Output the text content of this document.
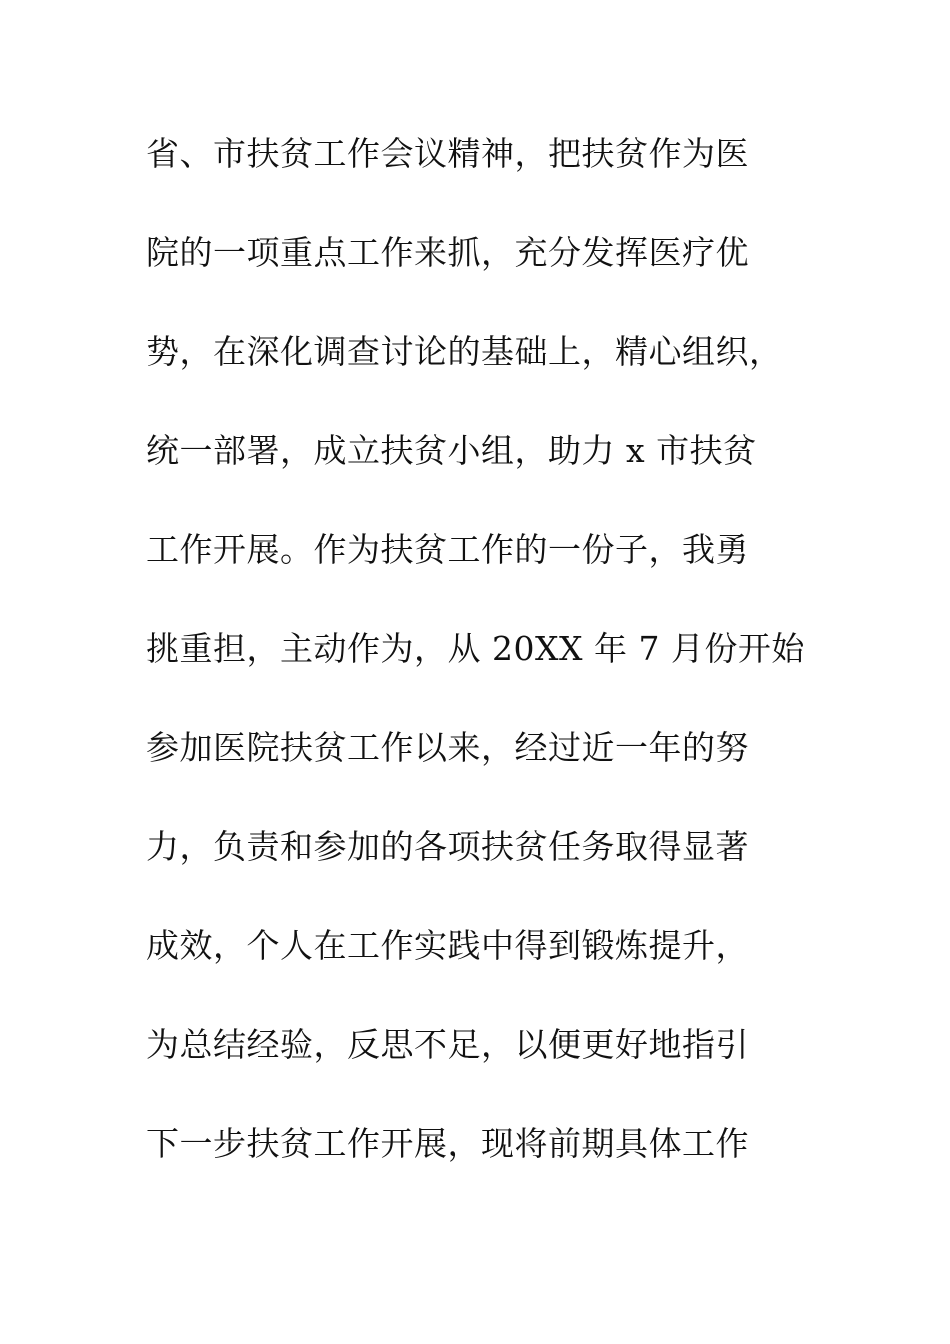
省、市扶贫工作会议精神，把扶贫作为医
院的一项重点工作来抓，充分发挥医疗优
势，在深化调查讨论的基础上，精心组织，
统一部署，成立扶贫小组，助力 x 市扶贫
工作开展。作为扶贫工作的一份子，我勇
挑重担，主动作为，从 20XX 年 7 月份开始
参加医院扶贫工作以来，经过近一年的努
力，负责和参加的各项扶贫任务取得显著
成效，个人在工作实践中得到锻炼提升，
为总结经验，反思不足，以便更好地指引
下一步扶贫工作开展，现将前期具体工作
